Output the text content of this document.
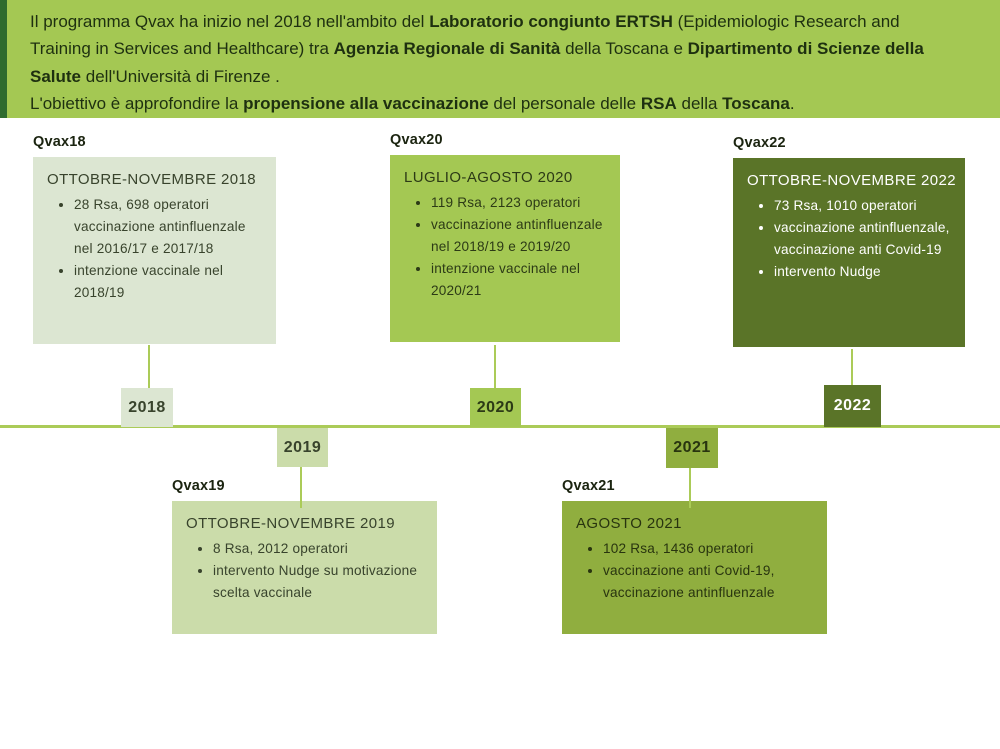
Il programma Qvax ha inizio nel 2018 nell'ambito del Laboratorio congiunto ERTSH (Epidemiologic Research and Training in Services and Healthcare) tra Agenzia Regionale di Sanità della Toscana e Dipartimento di Scienze della Salute dell'Università di Firenze .

L'obiettivo è approfondire la propensione alla vaccinazione del personale delle RSA della Toscana.

Qvax18
OTTOBRE-NOVEMBRE 2018
• 28 Rsa, 698 operatori vaccinazione antinfluenzale nel 2016/17 e 2017/18
• intenzione vaccinale nel 2018/19
Qvax20
LUGLIO-AGOSTO 2020
• 119 Rsa, 2123 operatori
• vaccinazione antinfluenzale nel 2018/19 e 2019/20
• intenzione vaccinale nel 2020/21
Qvax22
OTTOBRE-NOVEMBRE 2022
• 73 Rsa, 1010 operatori
• vaccinazione antinfluenzale, vaccinazione anti Covid-19
• intervento Nudge
Qvax19
OTTOBRE-NOVEMBRE 2019
• 8 Rsa, 2012 operatori
• intervento Nudge su motivazione scelta vaccinale
Qvax21
AGOSTO 2021
• 102 Rsa, 1436 operatori
• vaccinazione anti Covid-19, vaccinazione antinfluenzale
2018
2019
2020
2021
2022
